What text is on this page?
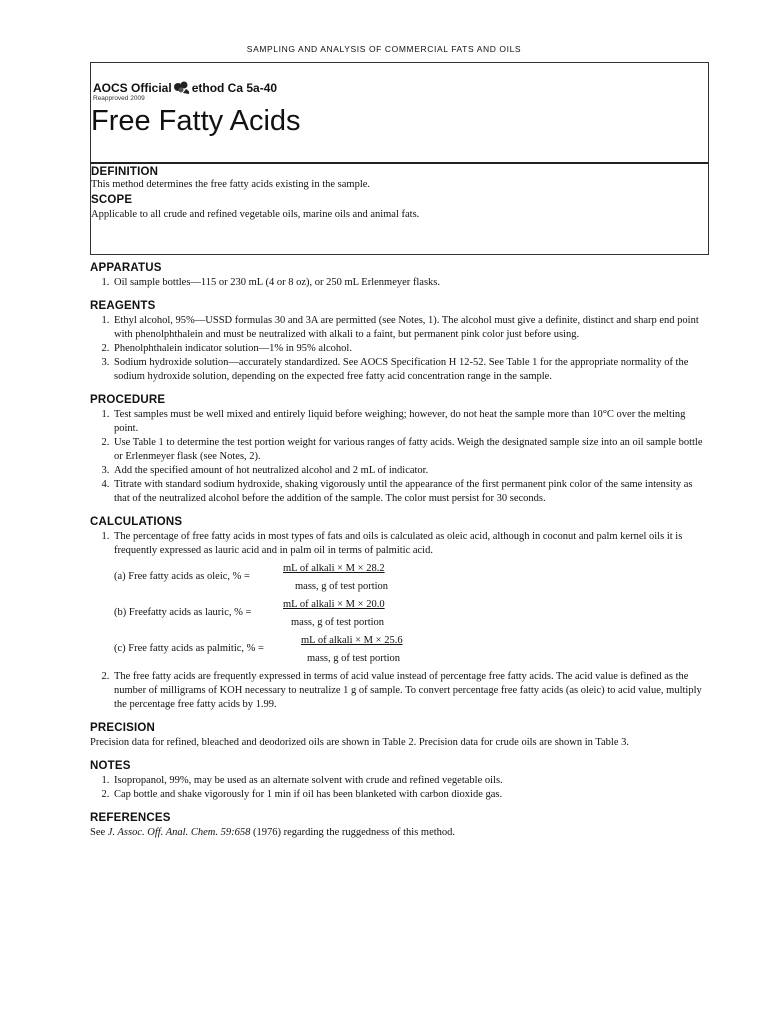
SAMPLING AND ANALYSIS OF COMMERCIAL FATS AND OILS
AOCS Official ethod Ca 5a-40
Reapproved 2009
Free Fatty Acids
DEFINITION
This method determines the free fatty acids existing in the sample.
SCOPE
Applicable to all crude and refined vegetable oils, marine oils and animal fats.
APPARATUS
1. Oil sample bottles—115 or 230 mL (4 or 8 oz), or 250 mL Erlenmeyer flasks.
REAGENTS
1. Ethyl alcohol, 95%—USSD formulas 30 and 3A are permitted (see Notes, 1). The alcohol must give a definite, distinct and sharp end point with phenolphthalein and must be neutralized with alkali to a faint, but permanent pink color just before using.
2. Phenolphthalein indicator solution—1% in 95% alcohol.
3. Sodium hydroxide solution—accurately standardized. See AOCS Specification H 12-52. See Table 1 for the appropriate normality of the sodium hydroxide solution, depending on the expected free fatty acid concentration range in the sample.
PROCEDURE
1. Test samples must be well mixed and entirely liquid before weighing; however, do not heat the sample more than 10°C over the melting point.
2. Use Table 1 to determine the test portion weight for various ranges of fatty acids. Weigh the designated sample size into an oil sample bottle or Erlenmeyer flask (see Notes, 2).
3. Add the specified amount of hot neutralized alcohol and 2 mL of indicator.
4. Titrate with standard sodium hydroxide, shaking vigorously until the appearance of the first permanent pink color of the same intensity as that of the neutralized alcohol before the addition of the sample. The color must persist for 30 seconds.
CALCULATIONS
1. The percentage of free fatty acids in most types of fats and oils is calculated as oleic acid, although in coconut and palm kernel oils it is frequently expressed as lauric acid and in palm oil in terms of palmitic acid.
(a) Free fatty acids as oleic, % =
mL of alkali × M × 28.2
mass, g of test portion
(b) Freefatty acids as lauric, % =
mL of alkali × M × 20.0
mass, g of test portion
(c) Free fatty acids as palmitic, % =
mL of alkali × M × 25.6
mass, g of test portion
2. The free fatty acids are frequently expressed in terms of acid value instead of percentage free fatty acids. The acid value is defined as the number of milligrams of KOH necessary to neutralize 1 g of sample. To convert percentage free fatty acids (as oleic) to acid value, multiply the percentage free fatty acids by 1.99.
PRECISION

Precision data for refined, bleached and deodorized oils are shown in Table 2. Precision data for crude oils are shown in Table 3.

NOTES
1. Isopropanol, 99%, may be used as an alternate solvent with crude and refined vegetable oils.
2. Cap bottle and shake vigorously for 1 min if oil has been blanketed with carbon dioxide gas.
REFERENCES

See J. Assoc. Off. Anal. Chem. 59:658 (1976) regarding the ruggedness of this method.
